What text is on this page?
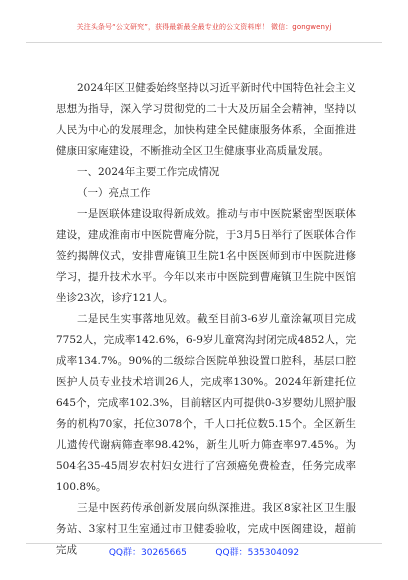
关注头条号“公文研究”，获得最新最全最专业的公文资料库！ 微信：gongwenyj

2024年区卫健委始终坚持以习近平新时代中国特色社会主义思想为指导，深入学习贯彻党的二十大及历届全会精神，坚持以人民为中心的发展理念，加快构建全民健康服务体系，全面推进健康田家庵建设，不断推动全区卫生健康事业高质量发展。

一、2024年主要工作完成情况

（一）亮点工作

一是医联体建设取得新成效。推动与市中医院紧密型医联体建设，建成淮南市中医院曹庵分院，于3月5日举行了医联体合作签约揭牌仪式，安排曹庵镇卫生院1名中医医师到市中医院进修学习，提升技术水平。今年以来市中医院到曹庵镇卫生院中医馆坐诊23次，诊疗121人。

二是民生实事落地见效。截至目前3-6岁儿童涂氟项目完成7752人，完成率142.6%，6-9岁儿童窝沟封闭完成4852人，完成率134.7%。90%的二级综合医院单独设置口腔科，基层口腔医护人员专业技术培训26人，完成率130%。2024年新建托位645个，完成率102.3%，目前辖区内可提供0-3岁婴幼儿照护服务的机构70家，托位3078个，千人口托位数5.15个。全区新生儿遗传代谢病筛查率98.42%，新生儿听力筛查率97.45%。为504名35-45周岁农村妇女进行了宫颈癌免费检查，任务完成率100.8%。

三是中医药传承创新发展向纵深推进。我区8家社区卫生服务站、3家村卫生室通过市卫健委验收，完成中医阁建设，超前完成	QQ群：30265665          QQ群：535304092
